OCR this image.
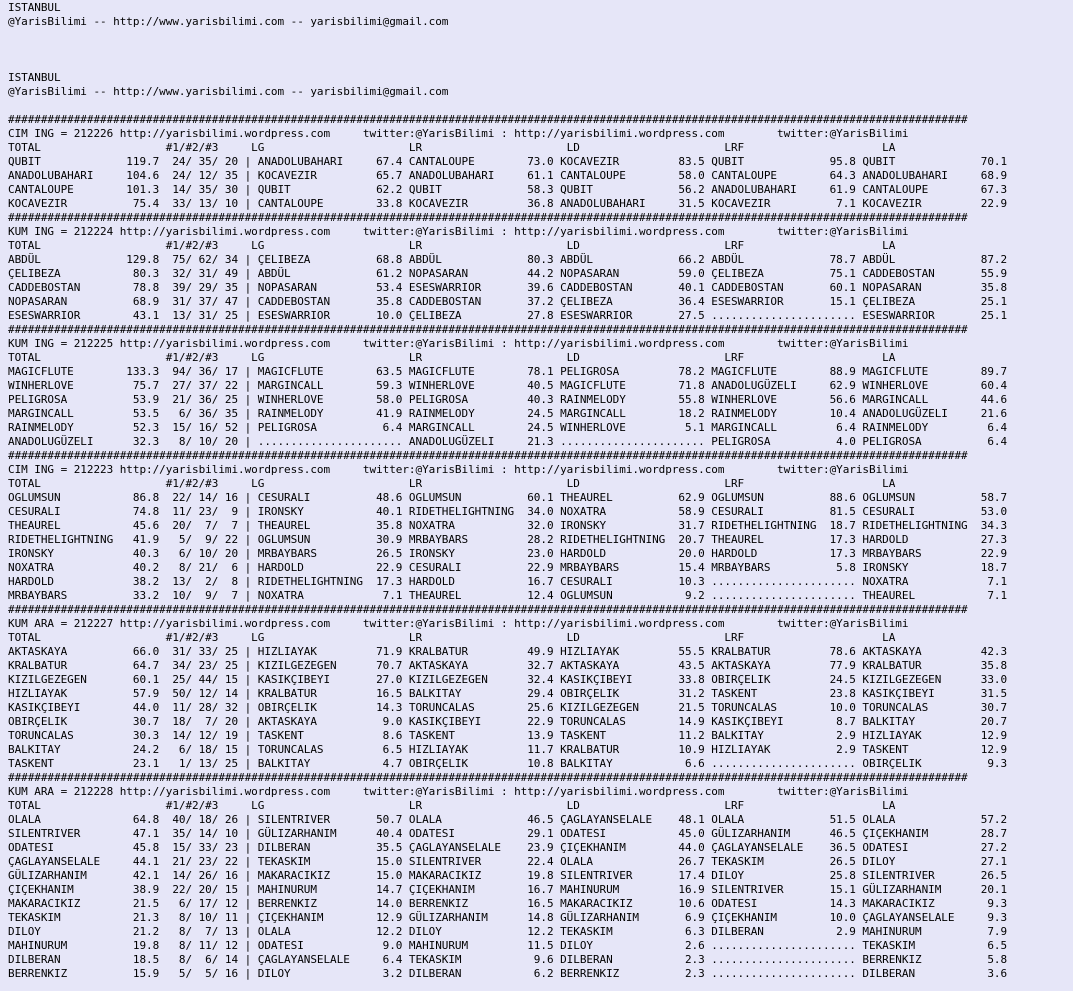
ISTANBUL
@YarisBilimi -- http://www.yarisbilimi.com -- yarisbilimi@gmail.com

ISTANBUL
@YarisBilimi -- http://www.yarisbilimi.com -- yarisbilimi@gmail.com

##################################################################################################################################################
CIM ING = 212226 http://yarisbilimi.wordpress.com     twitter:@YarisBilimi : http://yarisbilimi.wordpress.com        twitter:@YarisBilimi
TOTAL                   #1/#2/#3     LG                      LR                      LD                      LRF                     LA
QUBIT             119.7  24/ 35/ 20 | ANADOLUBAHARI     67.4 CANTALOUPE        73.0 KOCAVEZIR         83.5 QUBIT             95.8 QUBIT             70.1
ANADOLUBAHARI     104.6  24/ 12/ 35 | KOCAVEZIR         65.7 ANADOLUBAHARI     61.1 CANTALOUPE        58.0 CANTALOUPE        64.3 ANADOLUBAHARI     68.9
CANTALOUPE        101.3  14/ 35/ 30 | QUBIT             62.2 QUBIT             58.3 QUBIT             56.2 ANADOLUBAHARI     61.9 CANTALOUPE        67.3
KOCAVEZIR          75.4  33/ 13/ 10 | CANTALOUPE        33.8 KOCAVEZIR         36.8 ANADOLUBAHARI     31.5 KOCAVEZIR          7.1 KOCAVEZIR         22.9
##################################################################################################################################################
KUM ING = 212224 http://yarisbilimi.wordpress.com     twitter:@YarisBilimi : http://yarisbilimi.wordpress.com        twitter:@YarisBilimi
TOTAL                   #1/#2/#3     LG                      LR                      LD                      LRF                     LA
ABDÜL             129.8  75/ 62/ 34 | ÇELIBEZA          68.8 ABDÜL             80.3 ABDÜL             66.2 ABDÜL             78.7 ABDÜL             87.2
ÇELIBEZA           80.3  32/ 31/ 49 | ABDÜL             61.2 NOPASARAN         44.2 NOPASARAN         59.0 ÇELIBEZA          75.1 CADDEBOSTAN       55.9
CADDEBOSTAN        78.8  39/ 29/ 35 | NOPASARAN         53.4 ESESWARRIOR       39.6 CADDEBOSTAN       40.1 CADDEBOSTAN       60.1 NOPASARAN         35.8
NOPASARAN          68.9  31/ 37/ 47 | CADDEBOSTAN       35.8 CADDEBOSTAN       37.2 ÇELIBEZA          36.4 ESESWARRIOR       15.1 ÇELIBEZA          25.1
ESESWARRIOR        43.1  13/ 31/ 25 | ESESWARRIOR       10.0 ÇELIBEZA          27.8 ESESWARRIOR       27.5 ...................... ESESWARRIOR       25.1
##################################################################################################################################################
KUM ING = 212225 http://yarisbilimi.wordpress.com     twitter:@YarisBilimi : http://yarisbilimi.wordpress.com        twitter:@YarisBilimi
TOTAL                   #1/#2/#3     LG                      LR                      LD                      LRF                     LA
MAGICFLUTE        133.3  94/ 36/ 17 | MAGICFLUTE        63.5 MAGICFLUTE        78.1 PELIGROSA         78.2 MAGICFLUTE        88.9 MAGICFLUTE        89.7
WINHERLOVE         75.7  27/ 37/ 22 | MARGINCALL        59.3 WINHERLOVE        40.5 MAGICFLUTE        71.8 ANADOLUGÜZELI     62.9 WINHERLOVE        60.4
PELIGROSA          53.9  21/ 36/ 25 | WINHERLOVE        58.0 PELIGROSA         40.3 RAINMELODY        55.8 WINHERLOVE        56.6 MARGINCALL        44.6
MARGINCALL         53.5   6/ 36/ 35 | RAINMELODY        41.9 RAINMELODY        24.5 MARGINCALL        18.2 RAINMELODY        10.4 ANADOLUGÜZELI     21.6
RAINMELODY         52.3  15/ 16/ 52 | PELIGROSA          6.4 MARGINCALL        24.5 WINHERLOVE         5.1 MARGINCALL         6.4 RAINMELODY         6.4
ANADOLUGÜZELI      32.3   8/ 10/ 20 | ...................... ANADOLUGÜZELI     21.3 ...................... PELIGROSA          4.0 PELIGROSA          6.4
##################################################################################################################################################
CIM ING = 212223 http://yarisbilimi.wordpress.com     twitter:@YarisBilimi : http://yarisbilimi.wordpress.com        twitter:@YarisBilimi
TOTAL                   #1/#2/#3     LG                      LR                      LD                      LRF                     LA
OGLUMSUN           86.8  22/ 14/ 16 | CESURALI          48.6 OGLUMSUN          60.1 THEAUREL          62.9 OGLUMSUN          88.6 OGLUMSUN          58.7
CESURALI           74.8  11/ 23/  9 | IRONSKY           40.1 RIDETHELIGHTNING  34.0 NOXATRA           58.9 CESURALI          81.5 CESURALI          53.0
THEAUREL           45.6  20/  7/  7 | THEAUREL          35.8 NOXATRA           32.0 IRONSKY           31.7 RIDETHELIGHTNING  18.7 RIDETHELIGHTNING  34.3
RIDETHELIGHTNING   41.9   5/  9/ 22 | OGLUMSUN          30.9 MRBAYBARS         28.2 RIDETHELIGHTNING  20.7 THEAUREL          17.3 HARDOLD           27.3
IRONSKY            40.3   6/ 10/ 20 | MRBAYBARS         26.5 IRONSKY           23.0 HARDOLD           20.0 HARDOLD           17.3 MRBAYBARS         22.9
NOXATRA            40.2   8/ 21/  6 | HARDOLD           22.9 CESURALI          22.9 MRBAYBARS         15.4 MRBAYBARS          5.8 IRONSKY           18.7
HARDOLD            38.2  13/  2/  8 | RIDETHELIGHTNING  17.3 HARDOLD           16.7 CESURALI          10.3 ...................... NOXATRA            7.1
MRBAYBARS          33.2  10/  9/  7 | NOXATRA            7.1 THEAUREL          12.4 OGLUMSUN           9.2 ...................... THEAUREL           7.1
##################################################################################################################################################
KUM ARA = 212227 http://yarisbilimi.wordpress.com     twitter:@YarisBilimi : http://yarisbilimi.wordpress.com        twitter:@YarisBilimi
TOTAL                   #1/#2/#3     LG                      LR                      LD                      LRF                     LA
AKTASKAYA          66.0  31/ 33/ 25 | HIZLIAYAK         71.9 KRALBATUR         49.9 HIZLIAYAK         55.5 KRALBATUR         78.6 AKTASKAYA         42.3
KRALBATUR          64.7  34/ 23/ 25 | KIZILGEZEGEN      70.7 AKTASKAYA         32.7 AKTASKAYA         43.5 AKTASKAYA         77.9 KRALBATUR         35.8
KIZILGEZEGEN       60.1  25/ 44/ 15 | KASIKÇIBEYI       27.0 KIZILGEZEGEN      32.4 KASIKÇIBEYI       33.8 OBIRÇELIK         24.5 KIZILGEZEGEN      33.0
HIZLIAYAK          57.9  50/ 12/ 14 | KRALBATUR         16.5 BALKITAY          29.4 OBIRÇELIK         31.2 TASKENT           23.8 KASIKÇIBEYI       31.5
KASIKÇIBEYI        44.0  11/ 28/ 32 | OBIRÇELIK         14.3 TORUNCALAS        25.6 KIZILGEZEGEN      21.5 TORUNCALAS        10.0 TORUNCALAS        30.7
OBIRÇELIK          30.7  18/  7/ 20 | AKTASKAYA          9.0 KASIKÇIBEYI       22.9 TORUNCALAS        14.9 KASIKÇIBEYI        8.7 BALKITAY          20.7
TORUNCALAS         30.3  14/ 12/ 19 | TASKENT            8.6 TASKENT           13.9 TASKENT           11.2 BALKITAY           2.9 HIZLIAYAK         12.9
BALKITAY           24.2   6/ 18/ 15 | TORUNCALAS         6.5 HIZLIAYAK         11.7 KRALBATUR         10.9 HIZLIAYAK          2.9 TASKENT           12.9
TASKENT            23.1   1/ 13/ 25 | BALKITAY           4.7 OBIRÇELIK         10.8 BALKITAY           6.6 ...................... OBIRÇELIK          9.3
##################################################################################################################################################
KUM ARA = 212228 http://yarisbilimi.wordpress.com     twitter:@YarisBilimi : http://yarisbilimi.wordpress.com        twitter:@YarisBilimi
TOTAL                   #1/#2/#3     LG                      LR                      LD                      LRF                     LA
OLALA              64.8  40/ 18/ 26 | SILENTRIVER       50.7 OLALA             46.5 ÇAGLAYANSELALE    48.1 OLALA             51.5 OLALA             57.2
SILENTRIVER        47.1  35/ 14/ 10 | GÜLIZARHANIM      40.4 ODATESI           29.1 ODATESI           45.0 GÜLIZARHANIM      46.5 ÇIÇEKHANIM        28.7
ODATESI            45.8  15/ 33/ 23 | DILBERAN          35.5 ÇAGLAYANSELALE    23.9 ÇIÇEKHANIM        44.0 ÇAGLAYANSELALE    36.5 ODATESI           27.2
ÇAGLAYANSELALE     44.1  21/ 23/ 22 | TEKASKIM          15.0 SILENTRIVER       22.4 OLALA             26.7 TEKASKIM          26.5 DILOY             27.1
GÜLIZARHANIM       42.1  14/ 26/ 16 | MAKARACIKIZ       15.0 MAKARACIKIZ       19.8 SILENTRIVER       17.4 DILOY             25.8 SILENTRIVER       26.5
ÇIÇEKHANIM         38.9  22/ 20/ 15 | MAHINURUM         14.7 ÇIÇEKHANIM        16.7 MAHINURUM         16.9 SILENTRIVER       15.1 GÜLIZARHANIM      20.1
MAKARACIKIZ        21.5   6/ 17/ 12 | BERRENKIZ         14.0 BERRENKIZ         16.5 MAKARACIKIZ       10.6 ODATESI           14.3 MAKARACIKIZ        9.3
TEKASKIM           21.3   8/ 10/ 11 | ÇIÇEKHANIM        12.9 GÜLIZARHANIM      14.8 GÜLIZARHANIM       6.9 ÇIÇEKHANIM        10.0 ÇAGLAYANSELALE     9.3
DILOY              21.2   8/  7/ 13 | OLALA             12.2 DILOY             12.2 TEKASKIM           6.3 DILBERAN           2.9 MAHINURUM          7.9
MAHINURUM          19.8   8/ 11/ 12 | ODATESI            9.0 MAHINURUM         11.5 DILOY              2.6 ...................... TEKASKIM           6.5
DILBERAN           18.5   8/  6/ 14 | ÇAGLAYANSELALE     6.4 TEKASKIM           9.6 DILBERAN           2.3 ...................... BERRENKIZ          5.8
BERRENKIZ          15.9   5/  5/ 16 | DILOY              3.2 DILBERAN           6.2 BERRENKIZ          2.3 ...................... DILBERAN           3.6
